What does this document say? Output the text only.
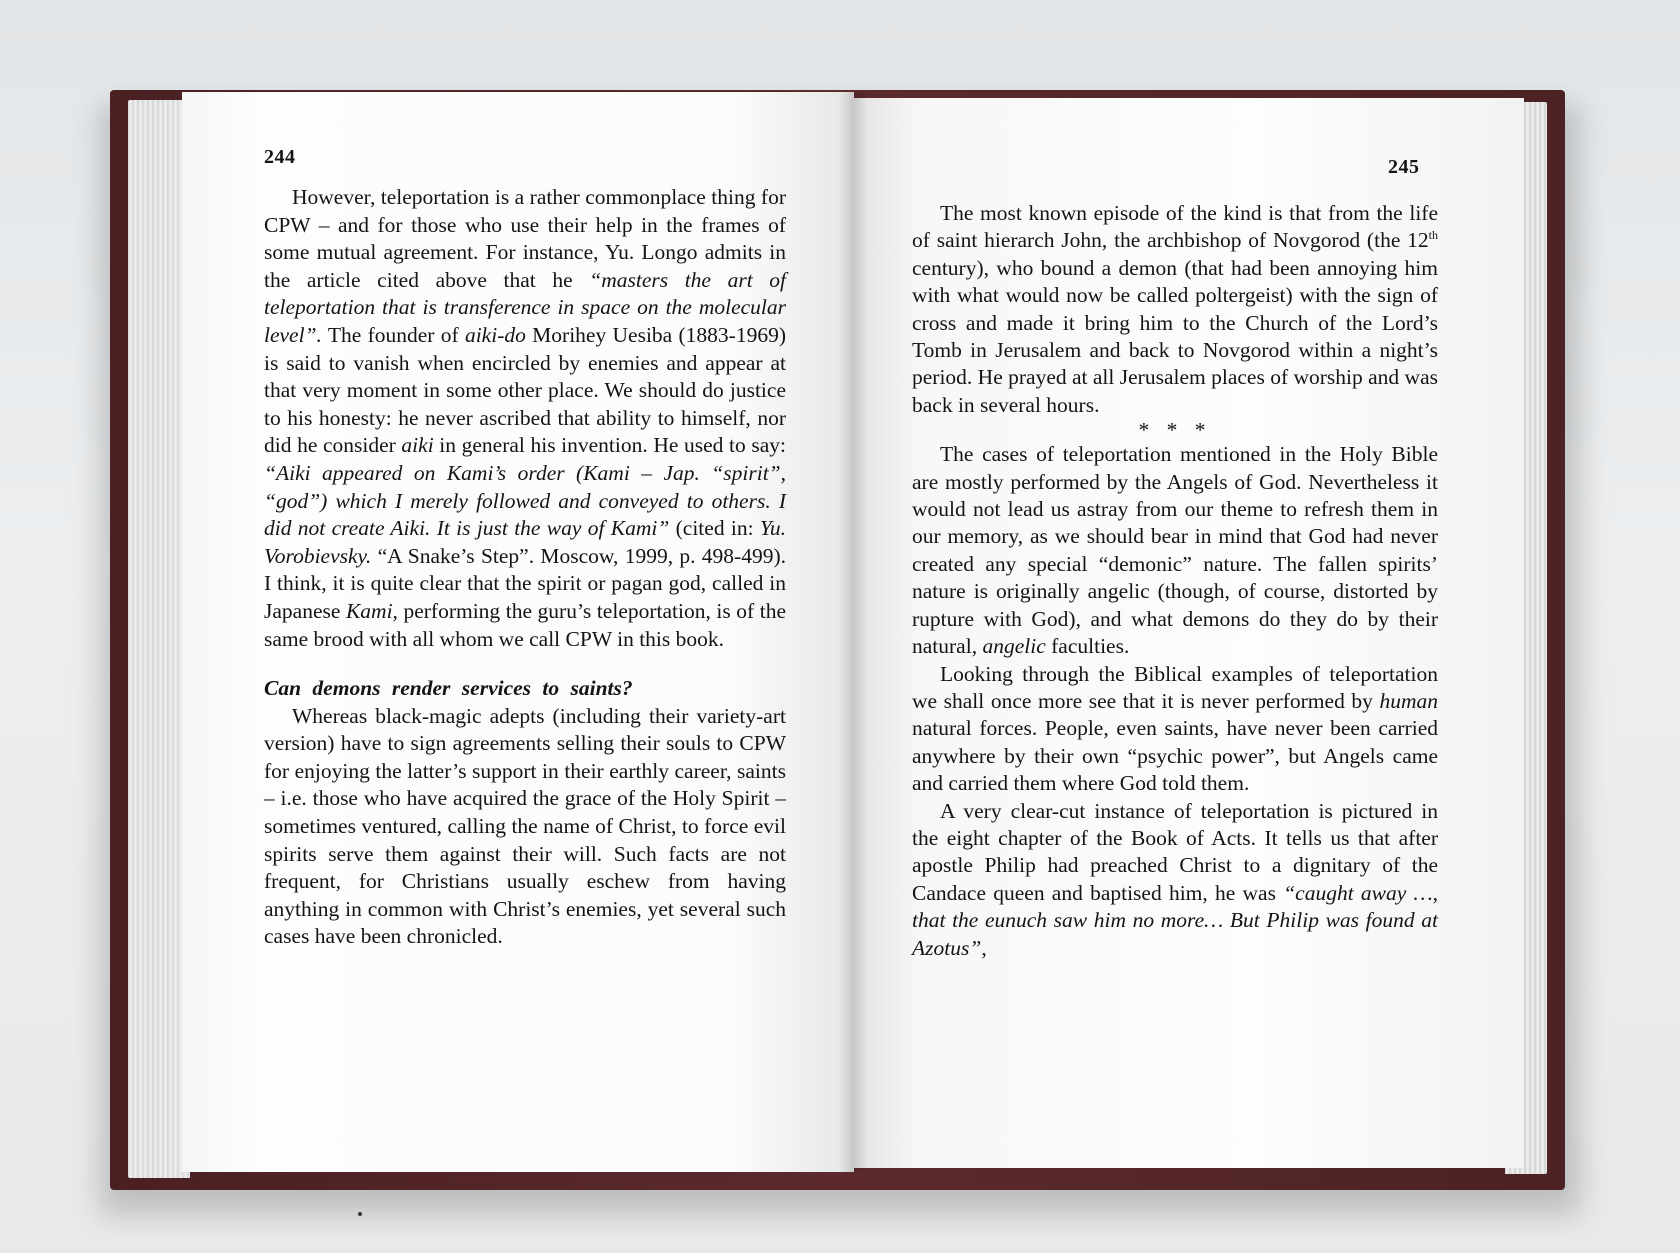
244

However, teleportation is a rather commonplace thing for CPW – and for those who use their help in the frames of some mutual agreement. For instance, Yu. Longo admits in the article cited above that he “masters the art of teleportation that is transference in space on the molecular level”. The founder of aiki-do Morihey Uesiba (1883-1969) is said to vanish when encircled by enemies and appear at that very moment in some other place. We should do justice to his honesty: he never ascribed that ability to himself, nor did he consider aiki in general his invention. He used to say: “Aiki appeared on Kami’s order (Kami – Jap. “spirit”, “god”) which I merely followed and conveyed to others. I did not create Aiki. It is just the way of Kami” (cited in: Yu. Vorobievsky. “A Snake’s Step”. Moscow, 1999, p. 498-499). I think, it is quite clear that the spirit or pagan god, called in Japanese Kami, performing the guru’s teleportation, is of the same brood with all whom we call CPW in this book.

Can demons render services to saints?

Whereas black-magic adepts (including their variety-art version) have to sign agreements selling their souls to CPW for enjoying the latter’s support in their earthly career, saints – i.e. those who have acquired the grace of the Holy Spirit – sometimes ventured, calling the name of Christ, to force evil spirits serve them against their will. Such facts are not frequent, for Christians usually eschew from having anything in common with Christ’s enemies, yet several such cases have been chronicled.

245

The most known episode of the kind is that from the life of saint hierarch John, the archbishop of Novgorod (the 12th century), who bound a demon (that had been annoying him with what would now be called poltergeist) with the sign of cross and made it bring him to the Church of the Lord’s Tomb in Jerusalem and back to Novgorod within a night’s period. He prayed at all Jerusalem places of worship and was back in several hours.

* * *

The cases of teleportation mentioned in the Holy Bible are mostly performed by the Angels of God. Nevertheless it would not lead us astray from our theme to refresh them in our memory, as we should bear in mind that God had never created any special “demonic” nature. The fallen spirits’ nature is originally angelic (though, of course, distorted by rupture with God), and what demons do they do by their natural, angelic faculties.

Looking through the Biblical examples of teleportation we shall once more see that it is never performed by human natural forces. People, even saints, have never been carried anywhere by their own “psychic power”, but Angels came and carried them where God told them.

A very clear-cut instance of teleportation is pictured in the eight chapter of the Book of Acts. It tells us that after apostle Philip had preached Christ to a dignitary of the Candace queen and baptised him, he was “caught away …, that the eunuch saw him no more… But Philip was found at Azotus”,
